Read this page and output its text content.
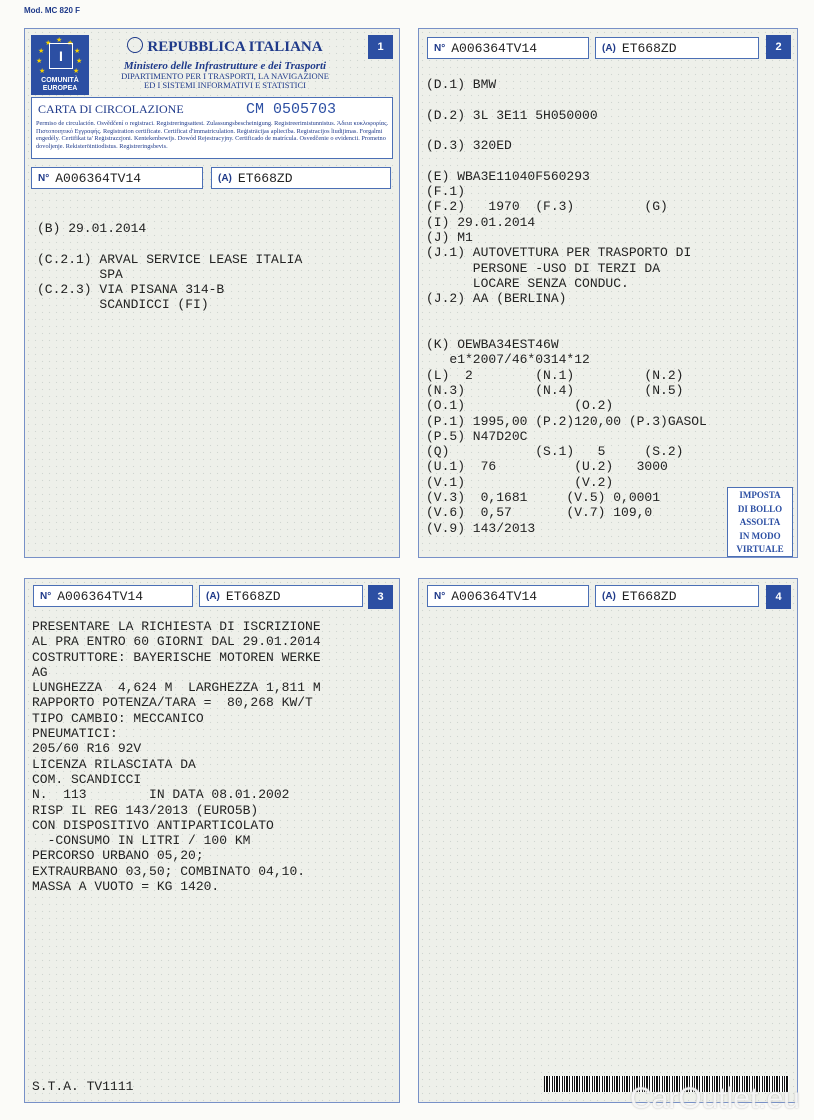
Mod. MC 820 F
★ ★
★
★
★
★
★
★
★
I
COMUNITÀ
EUROPEA
REPUBBLICA ITALIANA
Ministero delle Infrastrutture e dei Trasporti
DIPARTIMENTO PER I TRASPORTI, LA NAVIGAZIONE
ED I SISTEMI INFORMATIVI E STATISTICI
1
CARTA DI CIRCOLAZIONE	CM 0505703
Permiso de circulación. Osvědčení o registraci. Registreringsattest. Zulassungsbescheinigung. Registreerimistunnistus. Άδεια κυκλοφορίας. Πιστοποιητικό Εγγραφής. Registration certificate. Certificat d'immatriculation. Reģistrācijas apliecība. Registracijos liudijimas. Forgalmi engedély. Certifikat ta' Reġistrazzjoni. Kentekenbewijs. Dowód Rejestracyjny. Certificado de matrícula. Osvedčenie o evidencii. Prometno dovoljenje. Rekisteröintiodistus. Registreringsbevis.
N° A006364TV14	(A) ET668ZD
(B) 29.01.2014

(C.2.1) ARVAL SERVICE LEASE ITALIA
SPA
(C.2.3) VIA PISANA 314-B
SCANDICCI (FI)
N° A006364TV14	(A) ET668ZD	2
(D.1) BMW

(D.2) 3L 3E11 5H050000

(D.3) 320ED

(E) WBA3E11040F560293
(F.1)
(F.2)   1970  (F.3)         (G)
(I) 29.01.2014
(J) M1
(J.1) AUTOVETTURA PER TRASPORTO DI
PERSONE -USO DI TERZI DA
LOCARE SENZA CONDUC.
(J.2) AA (BERLINA)

(K) OEWBA34EST46W
e1*2007/46*0314*12
(L)  2        (N.1)         (N.2)
(N.3)         (N.4)         (N.5)
(O.1)              (O.2)
(P.1) 1995,00 (P.2)120,00 (P.3)GASOL
(P.5) N47D20C
(Q)           (S.1)   5     (S.2)
(U.1)  76          (U.2)   3000
(V.1)              (V.2)
(V.3)  0,1681     (V.5) 0,0001
(V.6)  0,57       (V.7) 109,0
(V.9) 143/2013
IMPOSTA
DI BOLLO
ASSOLTA
IN MODO
VIRTUALE
N° A006364TV14	(A) ET668ZD	3
PRESENTARE LA RICHIESTA DI ISCRIZIONE
AL PRA ENTRO 60 GIORNI DAL 29.01.2014
COSTRUTTORE: BAYERISCHE MOTOREN WERKE
AG
LUNGHEZZA  4,624 M  LARGHEZZA 1,811 M
RAPPORTO POTENZA/TARA =  80,268 KW/T
TIPO CAMBIO: MECCANICO
PNEUMATICI:
205/60 R16 92V
LICENZA RILASCIATA DA
COM. SCANDICCI
N.  113        IN DATA 08.01.2002
RISP IL REG 143/2013 (EURO5B)
CON DISPOSITIVO ANTIPARTICOLATO
-CONSUMO IN LITRI / 100 KM
PERCORSO URBANO 05,20;
EXTRAURBANO 03,50; COMBINATO 04,10.
MASSA A VUOTO = KG 1420.
S.T.A. TV1111
N° A006364TV14	(A) ET668ZD	4
CarOutlet.eu
